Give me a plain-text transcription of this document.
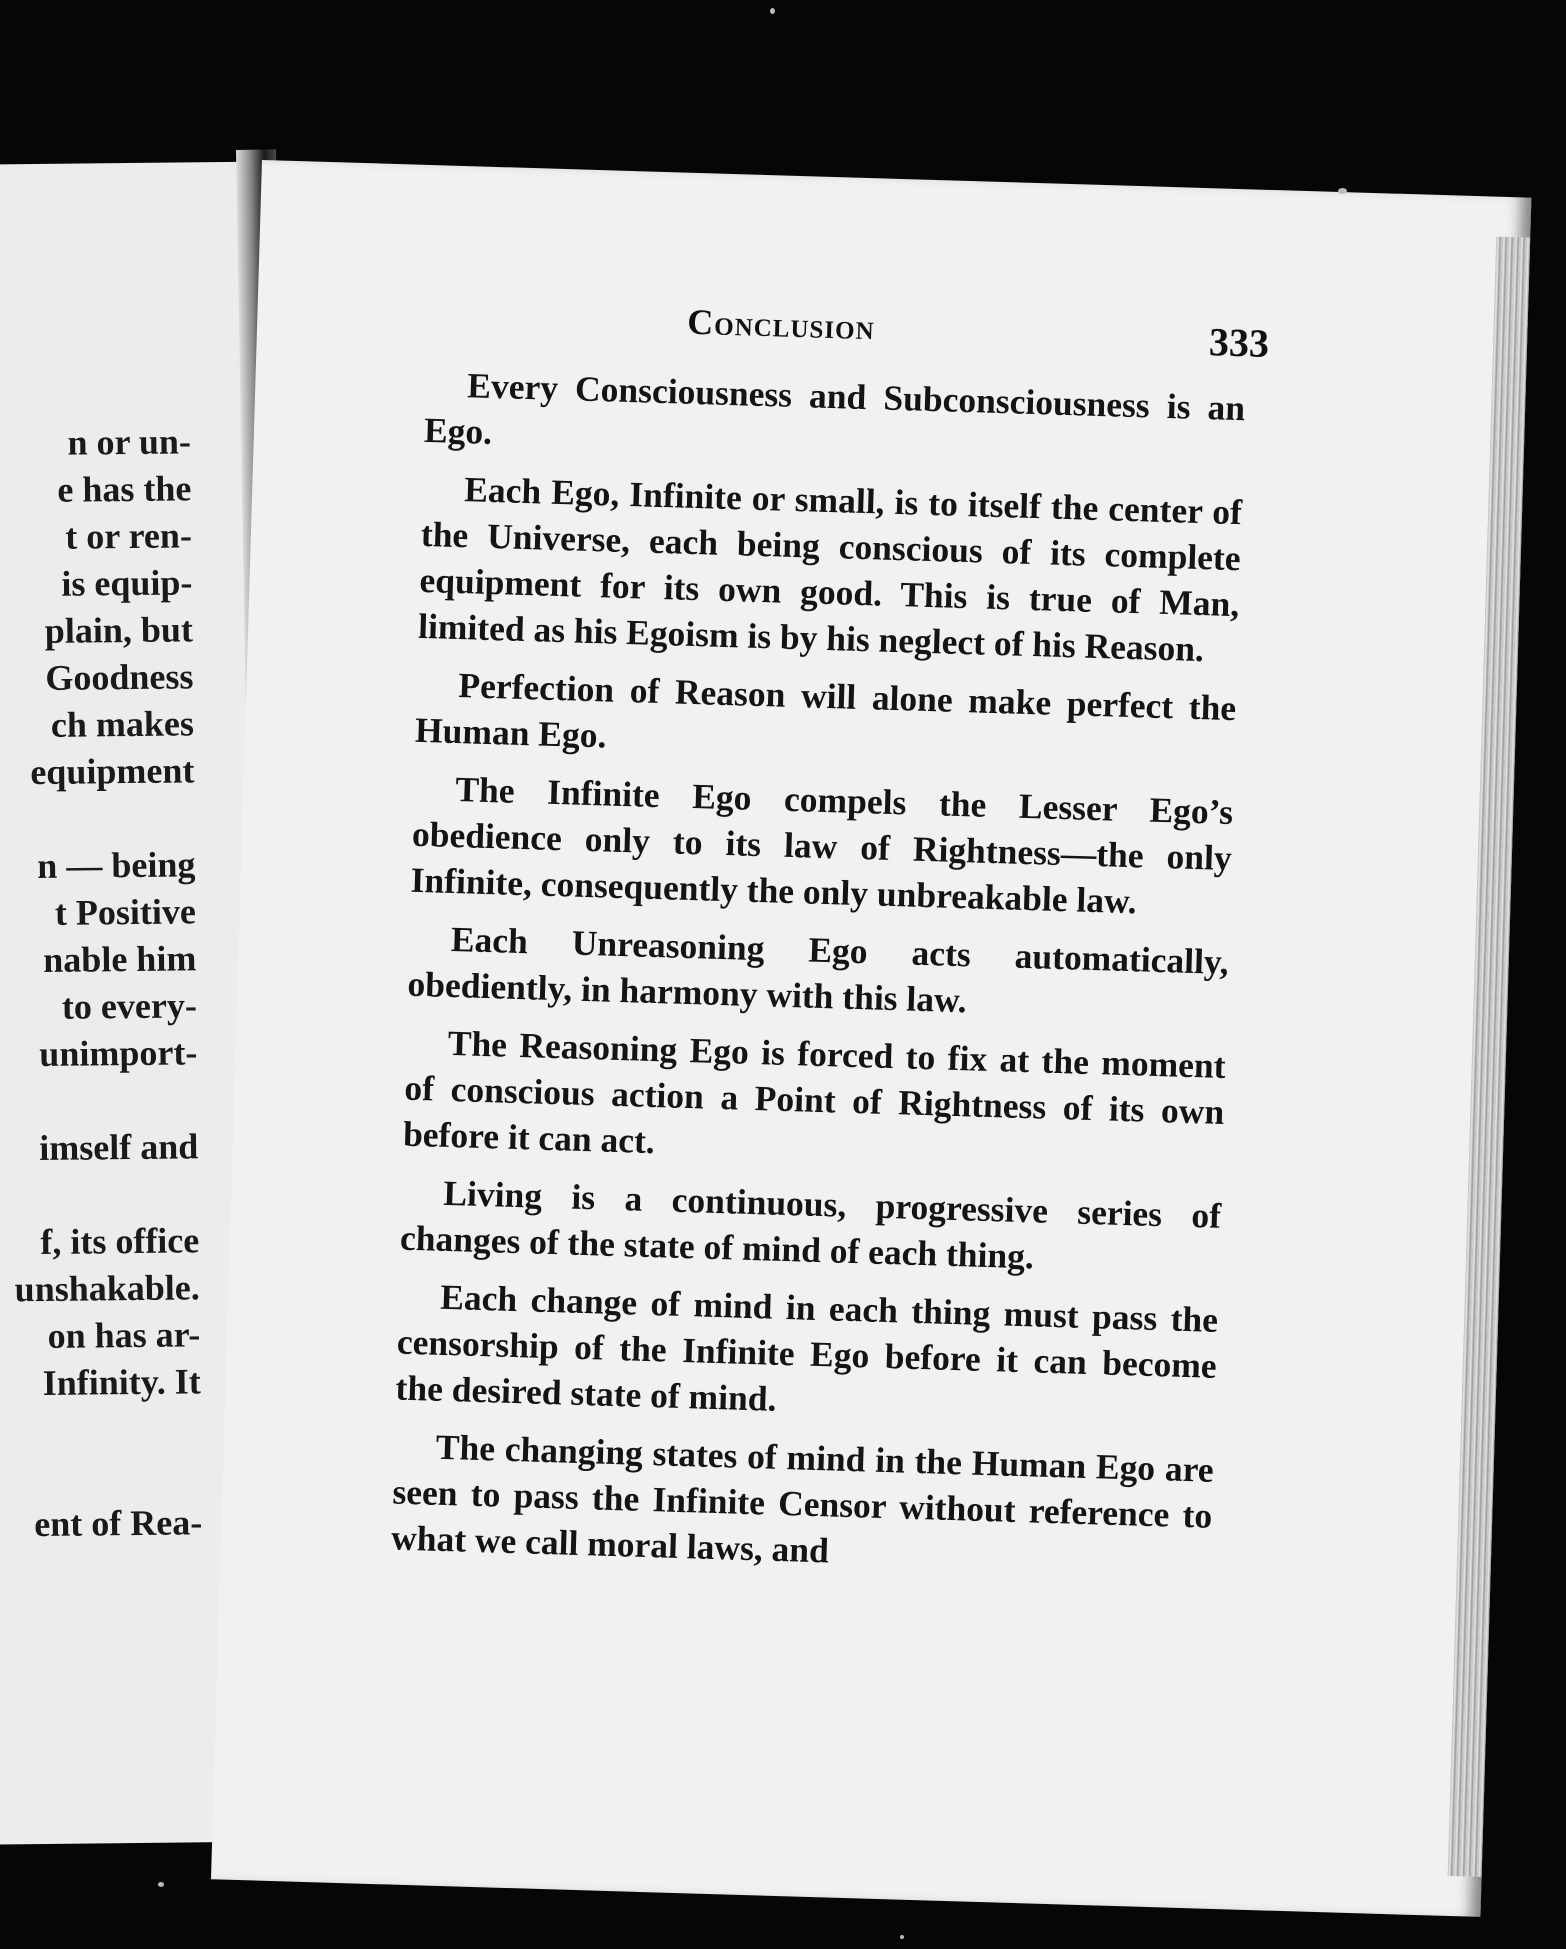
n or un-
e has the
t or ren-
is equip-
plain, but
Goodness
ch makes
equipment
n — being
t Positive
nable him
to every-
unimport-
imself and
f, its office
unshakable.
on has ar-
Infinity. It
ent of Rea-
Conclusion	333

Every Consciousness and Subconsciousness is an Ego.

Each Ego, Infinite or small, is to itself the center of the Universe, each being conscious of its complete equipment for its own good. This is true of Man, limited as his Egoism is by his neglect of his Reason.

Perfection of Reason will alone make perfect the Human Ego.

The Infinite Ego compels the Lesser Ego’s obedience only to its law of Rightness—the only Infinite, consequently the only unbreakable law.

Each Unreasoning Ego acts automatically, obediently, in harmony with this law.

The Reasoning Ego is forced to fix at the moment of conscious action a Point of Rightness of its own before it can act.

Living is a continuous, progressive series of changes of the state of mind of each thing.

Each change of mind in each thing must pass the censorship of the Infinite Ego before it can become the desired state of mind.

The changing states of mind in the Human Ego are seen to pass the Infinite Censor without reference to what we call moral laws, and
